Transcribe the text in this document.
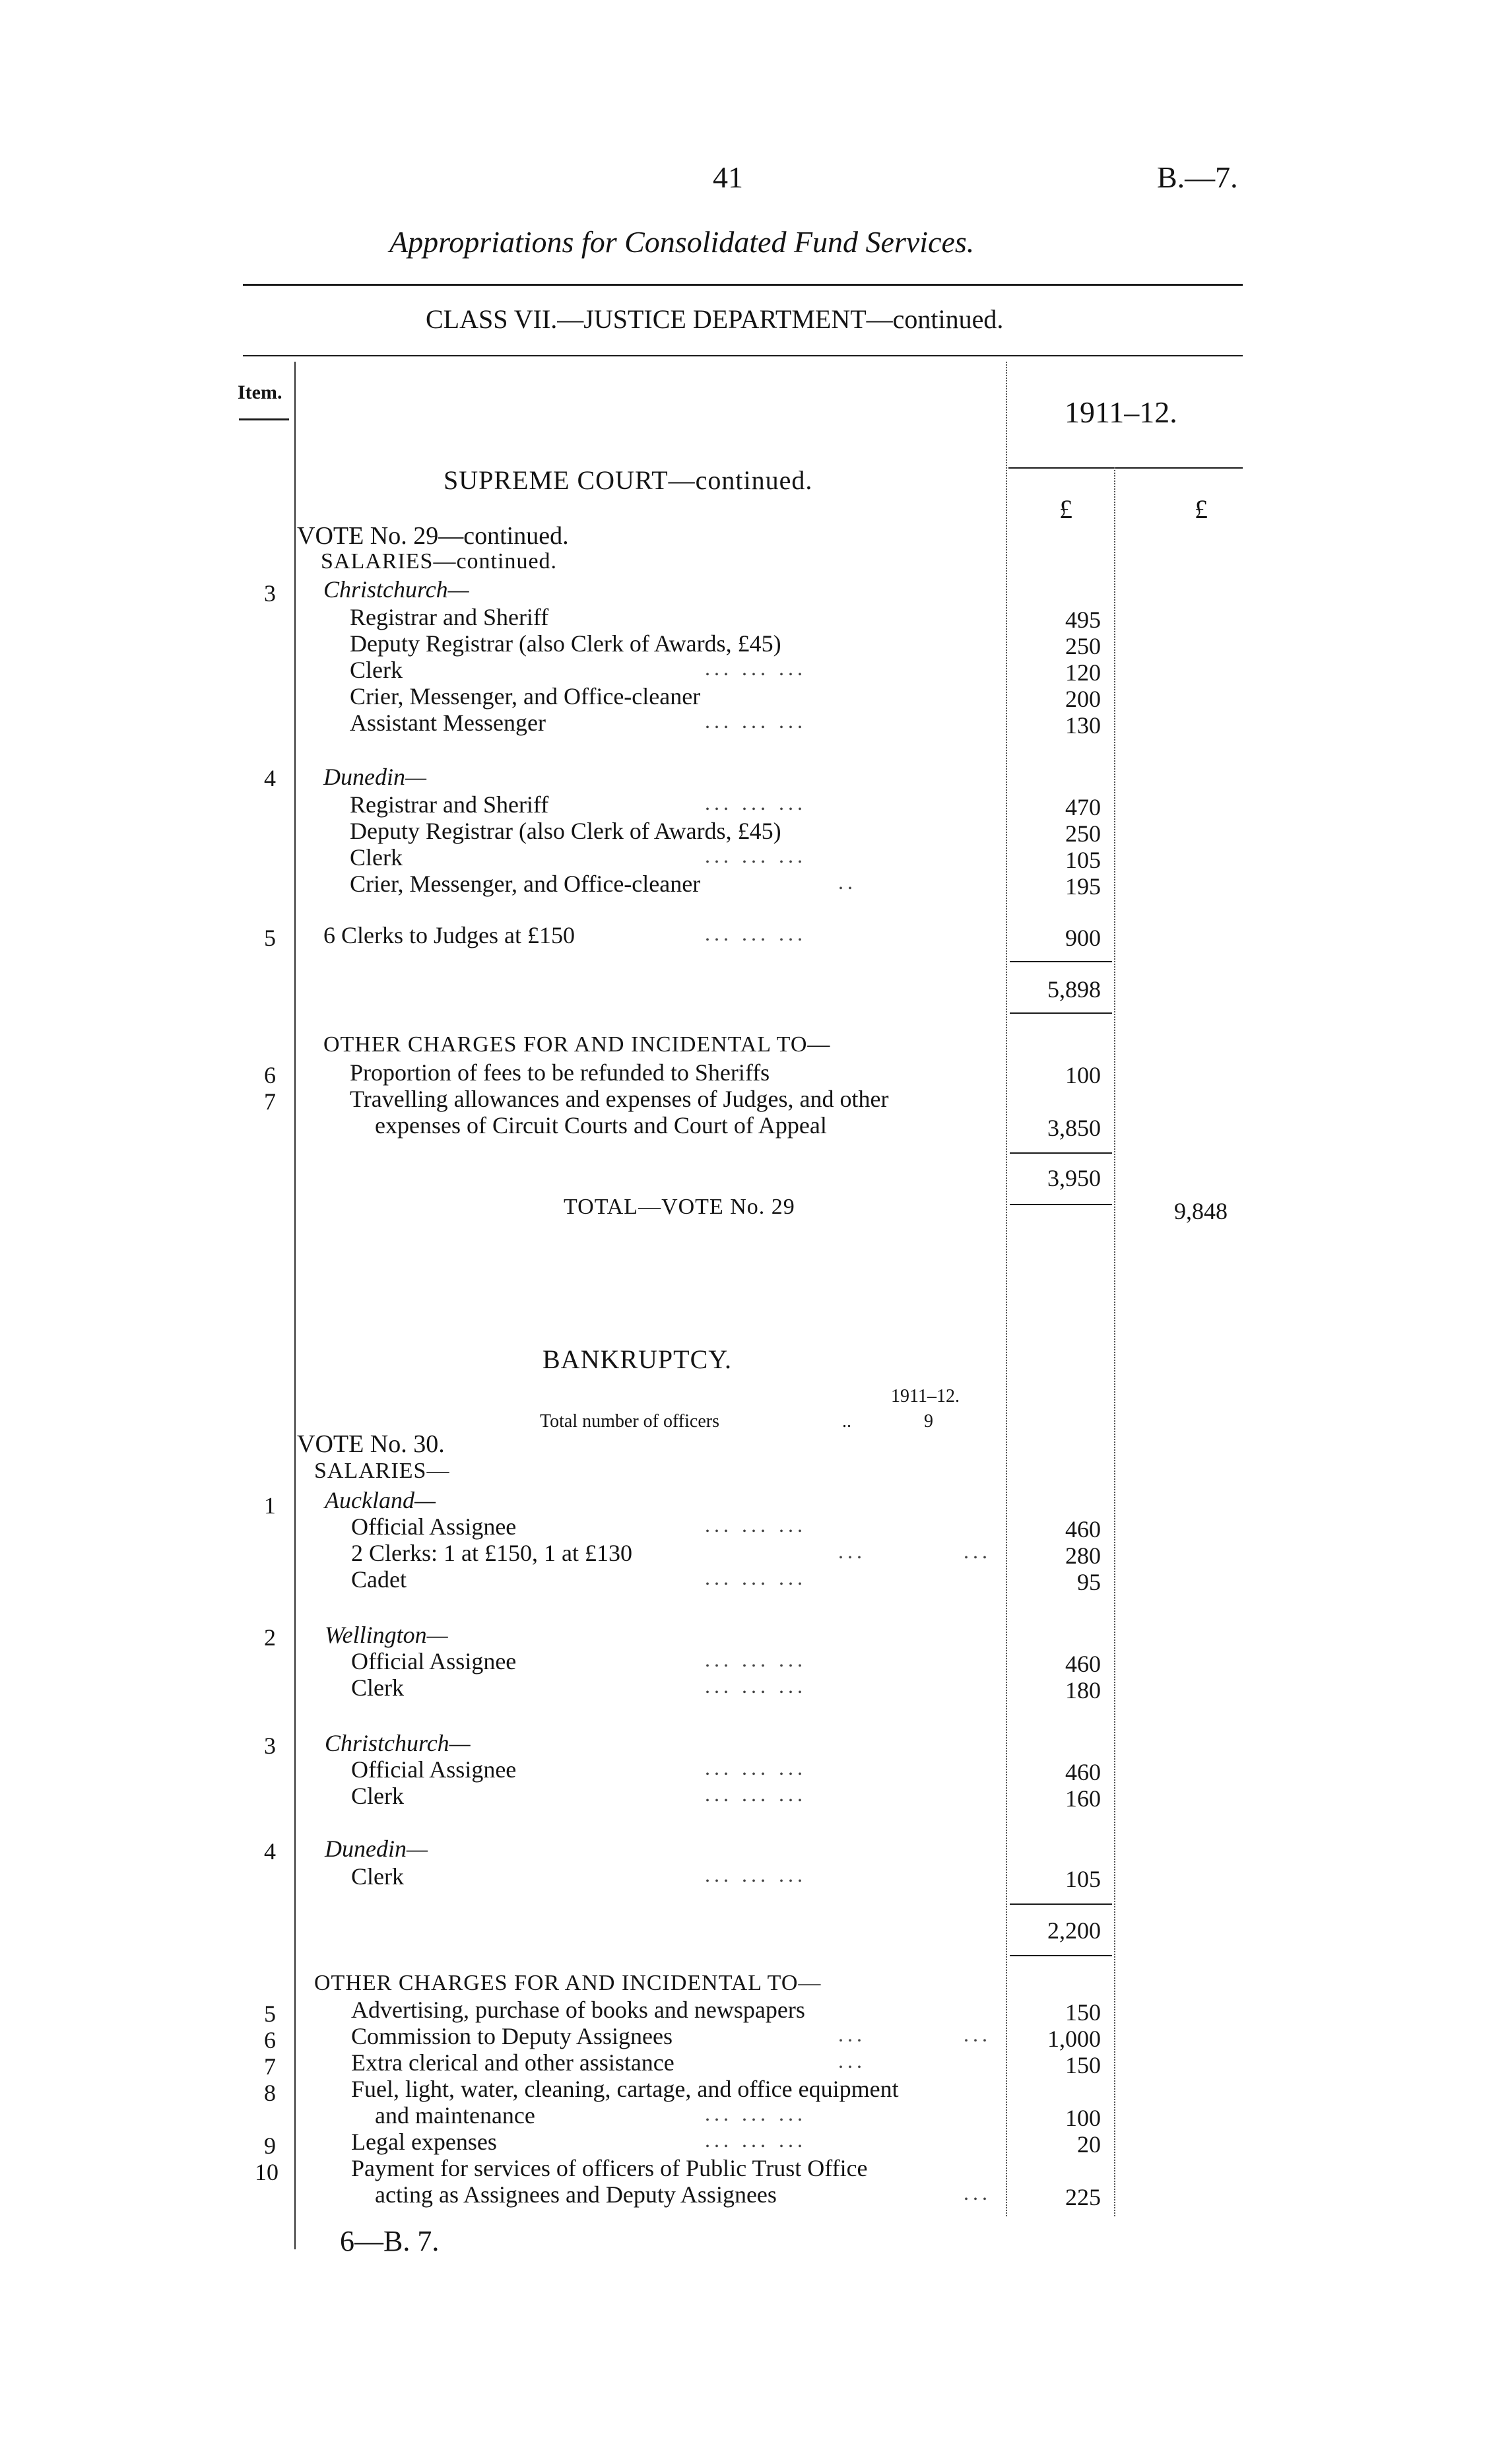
41	B.—7.
Appropriations for Consolidated Fund Services.
CLASS VII.—JUSTICE DEPARTMENT—continued.
Item.
1911–12.
£	£
SUPREME COURT—continued.
VOTE No. 29—continued.
SALARIES—continued.
3 Christchurch—
Registrar and Sheriff	495
Deputy Registrar (also Clerk of Awards, £45)	250
Clerk	... ... ...	120
Crier, Messenger, and Office-cleaner	200
Assistant Messenger	... ... ...	130
4 Dunedin—
Registrar and Sheriff	... ... ...	470
Deputy Registrar (also Clerk of Awards, £45)	250
Clerk	... ... ...	105
Crier, Messenger, and Office-cleaner	..	195
5 6 Clerks to Judges at £150	... ... ...	900
5,898
OTHER CHARGES FOR AND INCIDENTAL TO—
6	Proportion of fees to be refunded to Sheriffs	100
7	Travelling allowances and expenses of Judges, and other
expenses of Circuit Courts and Court of Appeal	3,850
3,950
TOTAL—VOTE No. 29	9,848
BANKRUPTCY.
1911–12.
Total number of officers	..	9
VOTE No. 30.
SALARIES—
1 Auckland—
Official Assignee	... ... ...	460
2 Clerks: 1 at £150, 1 at £130	...	...	280
Cadet	... ... ...	95
2 Wellington—
Official Assignee	... ... ...	460
Clerk	... ... ...	180
3 Christchurch—
Official Assignee	... ... ...	460
Clerk	... ... ...	160
4 Dunedin—
Clerk	... ... ...	105
2,200
OTHER CHARGES FOR AND INCIDENTAL TO—
5	Advertising, purchase of books and newspapers	150
6	Commission to Deputy Assignees	...	...	1,000
7	Extra clerical and other assistance	...	150
8	Fuel, light, water, cleaning, cartage, and office equipment
and maintenance	... ... ...	100
9	Legal expenses	... ... ...	20
10	Payment for services of officers of Public Trust Office
acting as Assignees and Deputy Assignees	...	225
6—B. 7.
